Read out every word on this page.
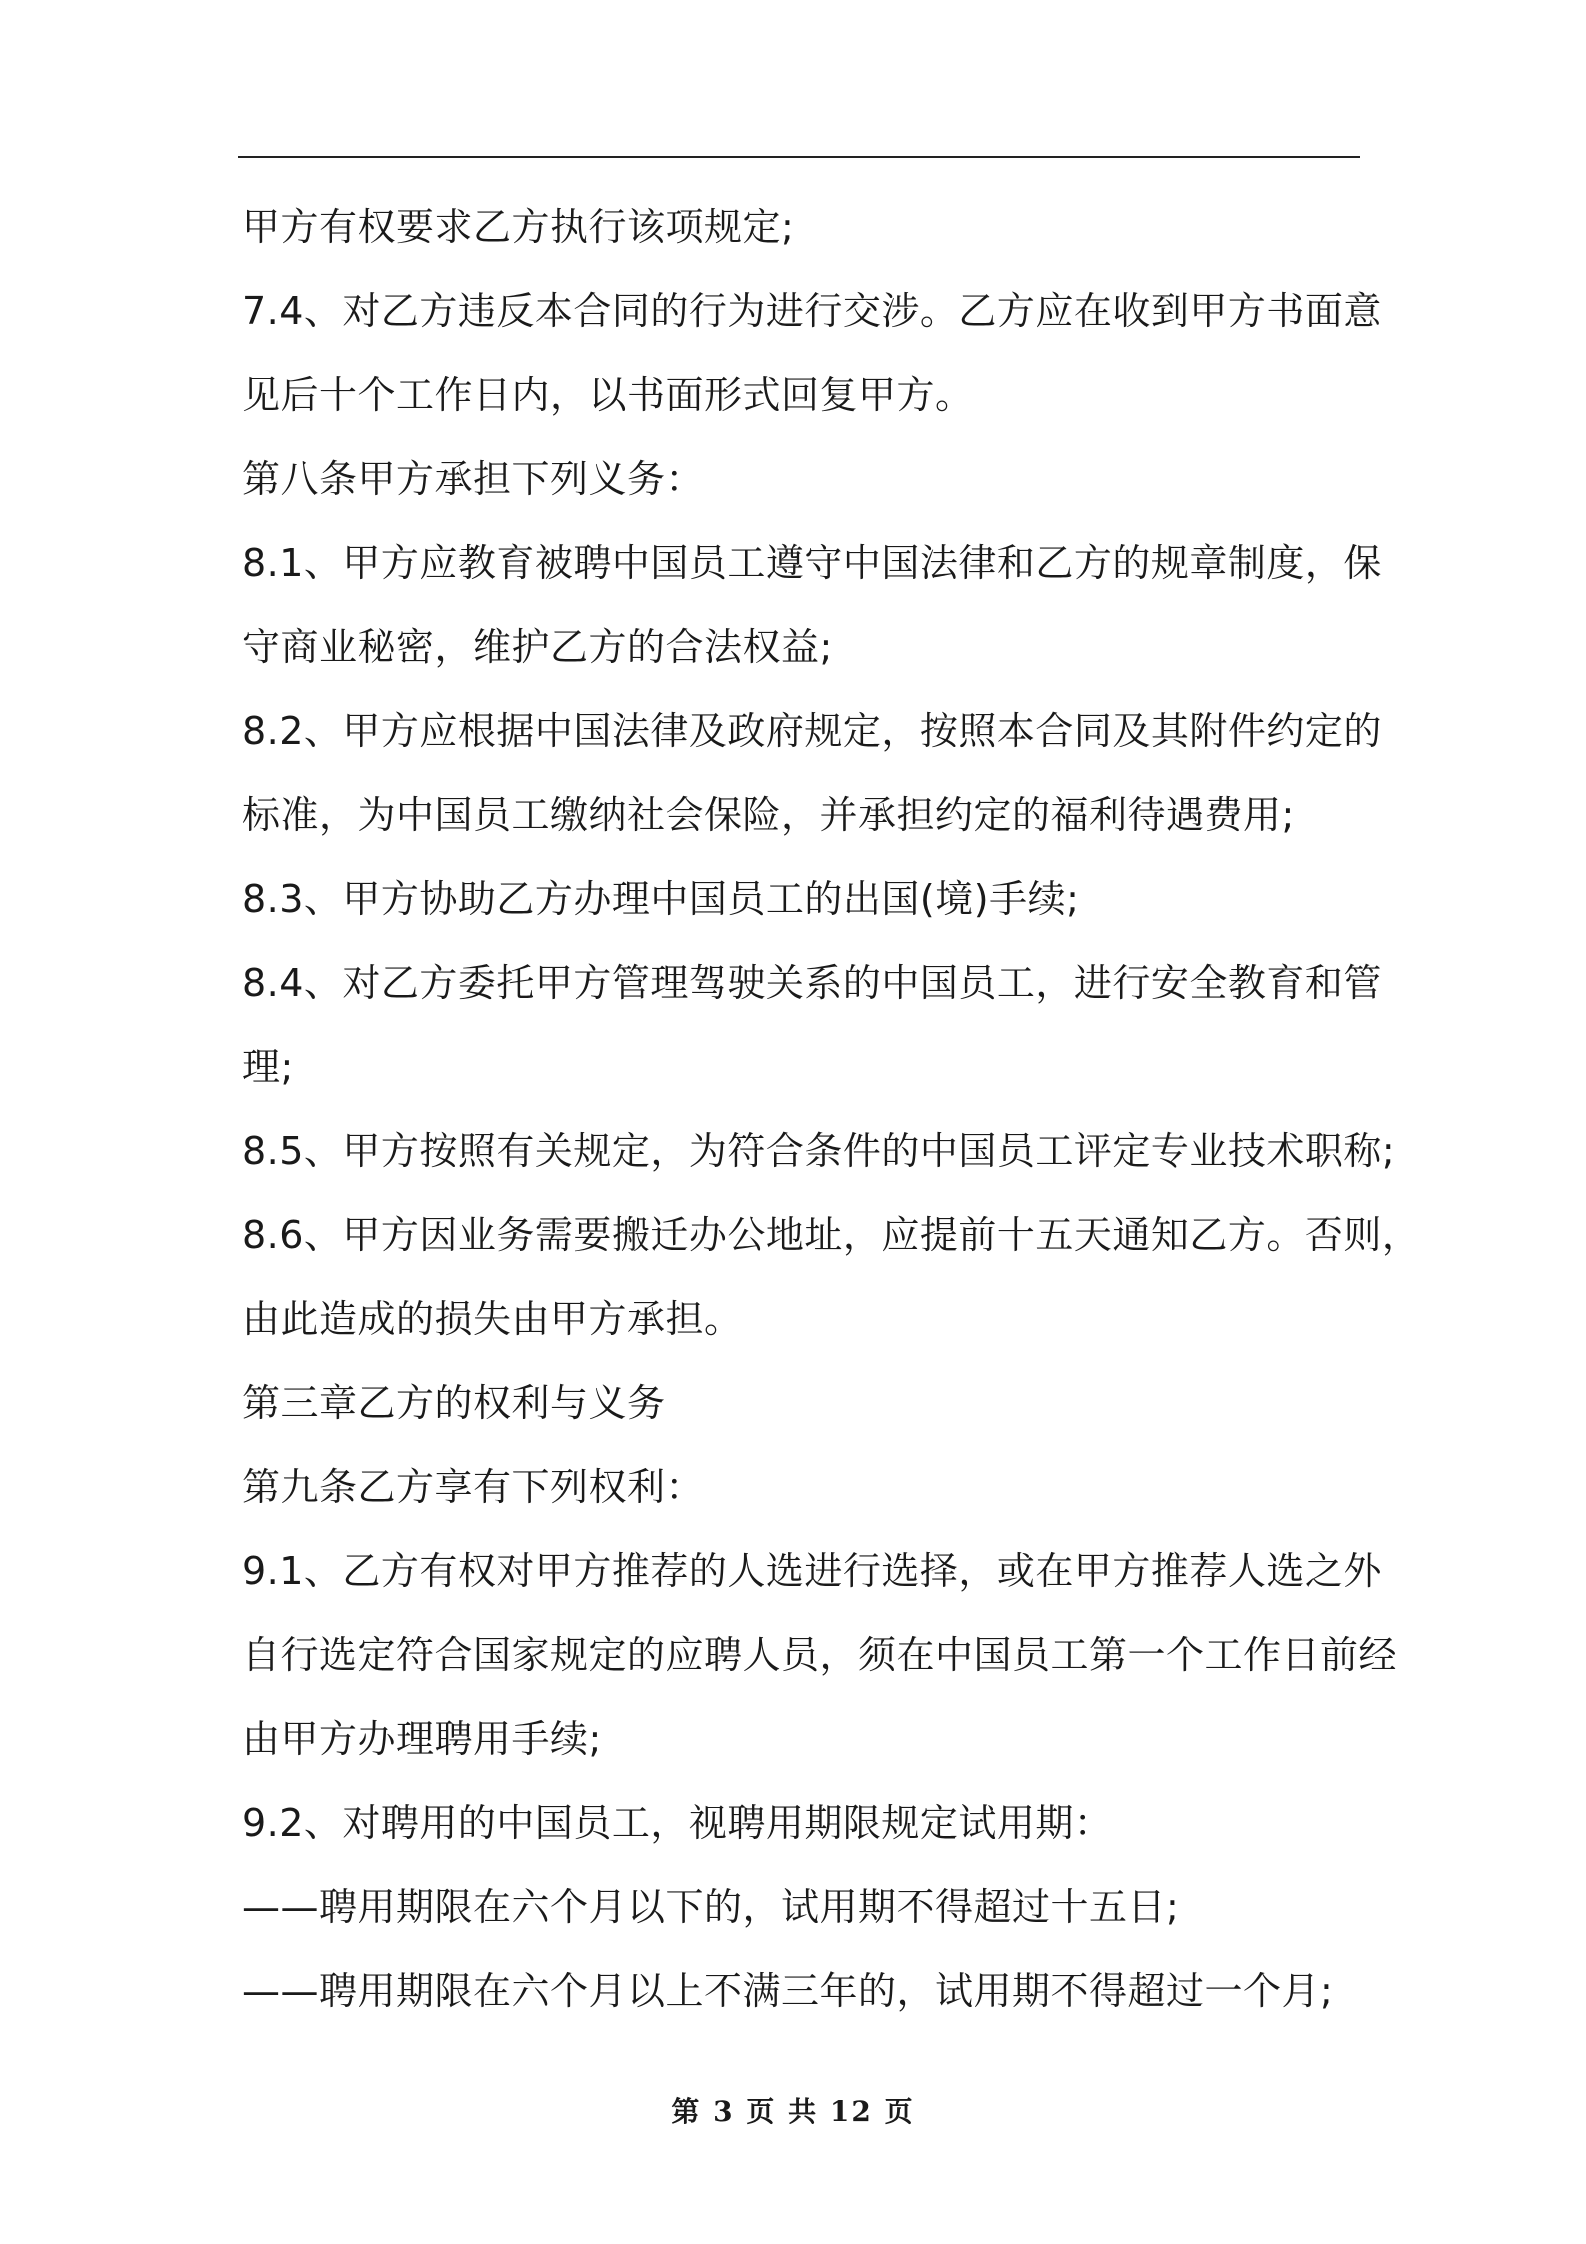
甲方有权要求乙方执行该项规定;
7.4、对乙方违反本合同的行为进行交涉。乙方应在收到甲方书面意
见后十个工作日内，以书面形式回复甲方。
第八条甲方承担下列义务：
8.1、甲方应教育被聘中国员工遵守中国法律和乙方的规章制度，保
守商业秘密，维护乙方的合法权益;
8.2、甲方应根据中国法律及政府规定，按照本合同及其附件约定的
标准，为中国员工缴纳社会保险，并承担约定的福利待遇费用;
8.3、甲方协助乙方办理中国员工的出国(境)手续;
8.4、对乙方委托甲方管理驾驶关系的中国员工，进行安全教育和管
理;
8.5、甲方按照有关规定，为符合条件的中国员工评定专业技术职称;
8.6、甲方因业务需要搬迁办公地址，应提前十五天通知乙方。否则，
由此造成的损失由甲方承担。
第三章乙方的权利与义务
第九条乙方享有下列权利：
9.1、乙方有权对甲方推荐的人选进行选择，或在甲方推荐人选之外
自行选定符合国家规定的应聘人员，须在中国员工第一个工作日前经
由甲方办理聘用手续;
9.2、对聘用的中国员工，视聘用期限规定试用期：
——聘用期限在六个月以下的，试用期不得超过十五日;
——聘用期限在六个月以上不满三年的，试用期不得超过一个月;
第 3 页 共 12 页
